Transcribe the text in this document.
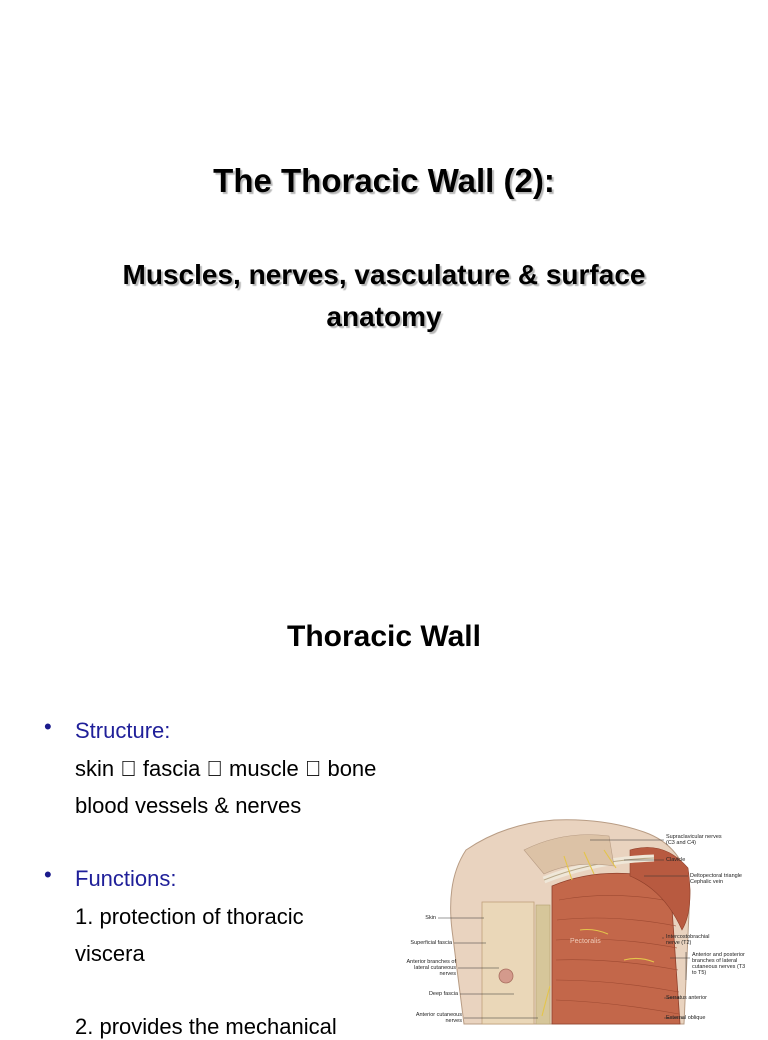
The Thoracic Wall (2):
Muscles, nerves, vasculature & surface
anatomy
Thoracic Wall
• Structure:
skin fascia muscle bone
blood vessels & nerves
• Functions:
1. protection of thoracic
viscera
2. provides the mechanical
Pectoralis
Supraclavicular nerves
(C3 and C4)
Clavicle
Deltopectoral triangle
Cephalic vein
Intercostobrachial
nerve (T2)
Anterior and posterior
branches of lateral
cutaneous nerves (T3
to T5)
Serratus anterior
External oblique
Skin
Superficial fascia
Anterior branches of
lateral cutaneous
nerves
Deep fascia
Anterior cutaneous
nerves
